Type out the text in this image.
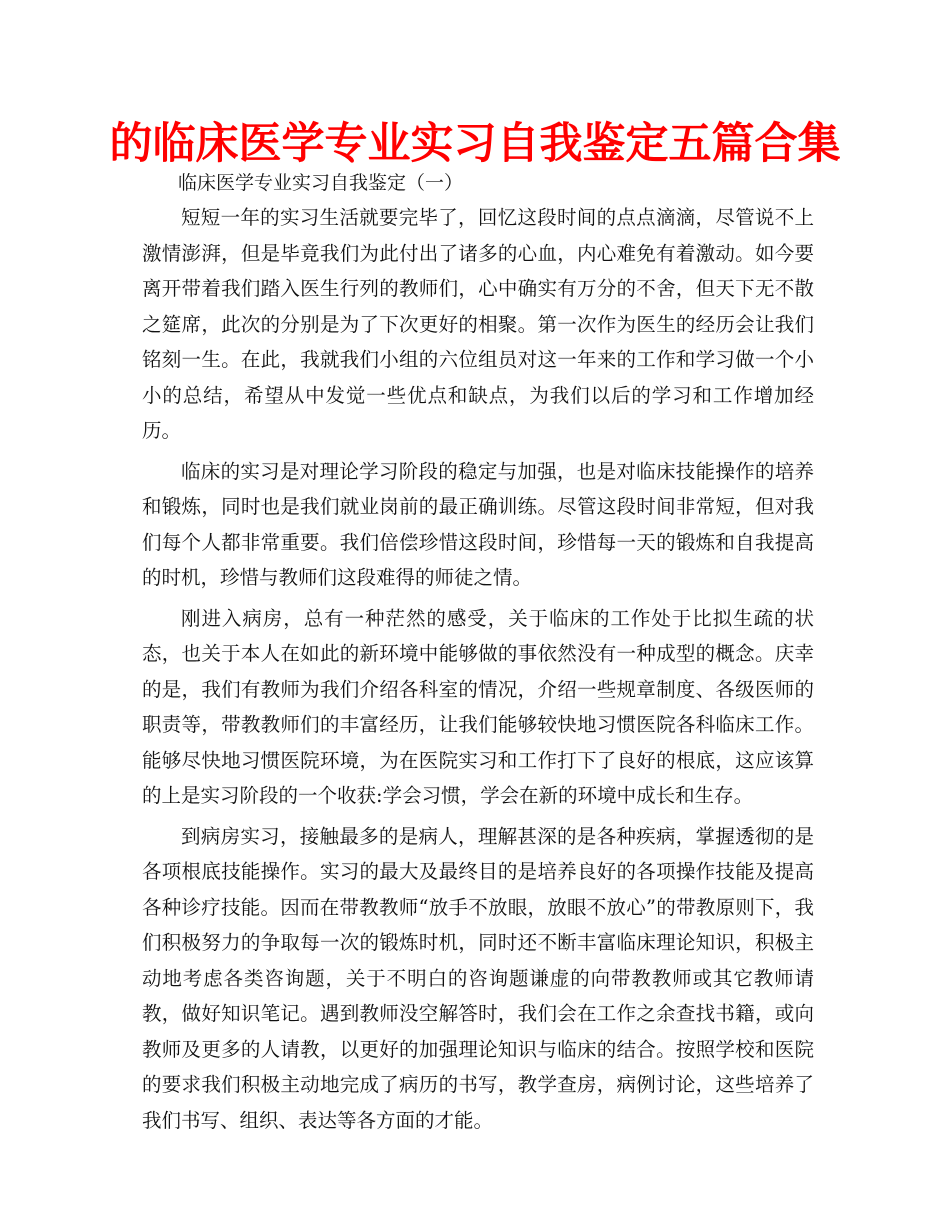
的临床医学专业实习自我鉴定五篇合集
临床医学专业实习自我鉴定（一）

短短一年的实习生活就要完毕了，回忆这段时间的点点滴滴，尽管说不上激情澎湃，但是毕竟我们为此付出了诸多的心血，内心难免有着激动。如今要离开带着我们踏入医生行列的教师们，心中确实有万分的不舍，但天下无不散之筵席，此次的分别是为了下次更好的相聚。第一次作为医生的经历会让我们铭刻一生。在此，我就我们小组的六位组员对这一年来的工作和学习做一个小小的总结，希望从中发觉一些优点和缺点，为我们以后的学习和工作增加经历。

临床的实习是对理论学习阶段的稳定与加强，也是对临床技能操作的培养和锻炼，同时也是我们就业岗前的最正确训练。尽管这段时间非常短，但对我们每个人都非常重要。我们倍偿珍惜这段时间，珍惜每一天的锻炼和自我提高的时机，珍惜与教师们这段难得的师徒之情。

刚进入病房，总有一种茫然的感受，关于临床的工作处于比拟生疏的状态，也关于本人在如此的新环境中能够做的事依然没有一种成型的概念。庆幸的是，我们有教师为我们介绍各科室的情况，介绍一些规章制度、各级医师的职责等，带教教师们的丰富经历，让我们能够较快地习惯医院各科临床工作。能够尽快地习惯医院环境，为在医院实习和工作打下了良好的根底，这应该算的上是实习阶段的一个收获:学会习惯，学会在新的环境中成长和生存。

到病房实习，接触最多的是病人，理解甚深的是各种疾病，掌握透彻的是各项根底技能操作。实习的最大及最终目的是培养良好的各项操作技能及提高各种诊疗技能。因而在带教教师“放手不放眼，放眼不放心”的带教原则下，我们积极努力的争取每一次的锻炼时机，同时还不断丰富临床理论知识，积极主动地考虑各类咨询题，关于不明白的咨询题谦虚的向带教教师或其它教师请教，做好知识笔记。遇到教师没空解答时，我们会在工作之余查找书籍，或向教师及更多的人请教，以更好的加强理论知识与临床的结合。按照学校和医院的要求我们积极主动地完成了病历的书写，教学查房，病例讨论，这些培养了我们书写、组织、表达等各方面的才能。
